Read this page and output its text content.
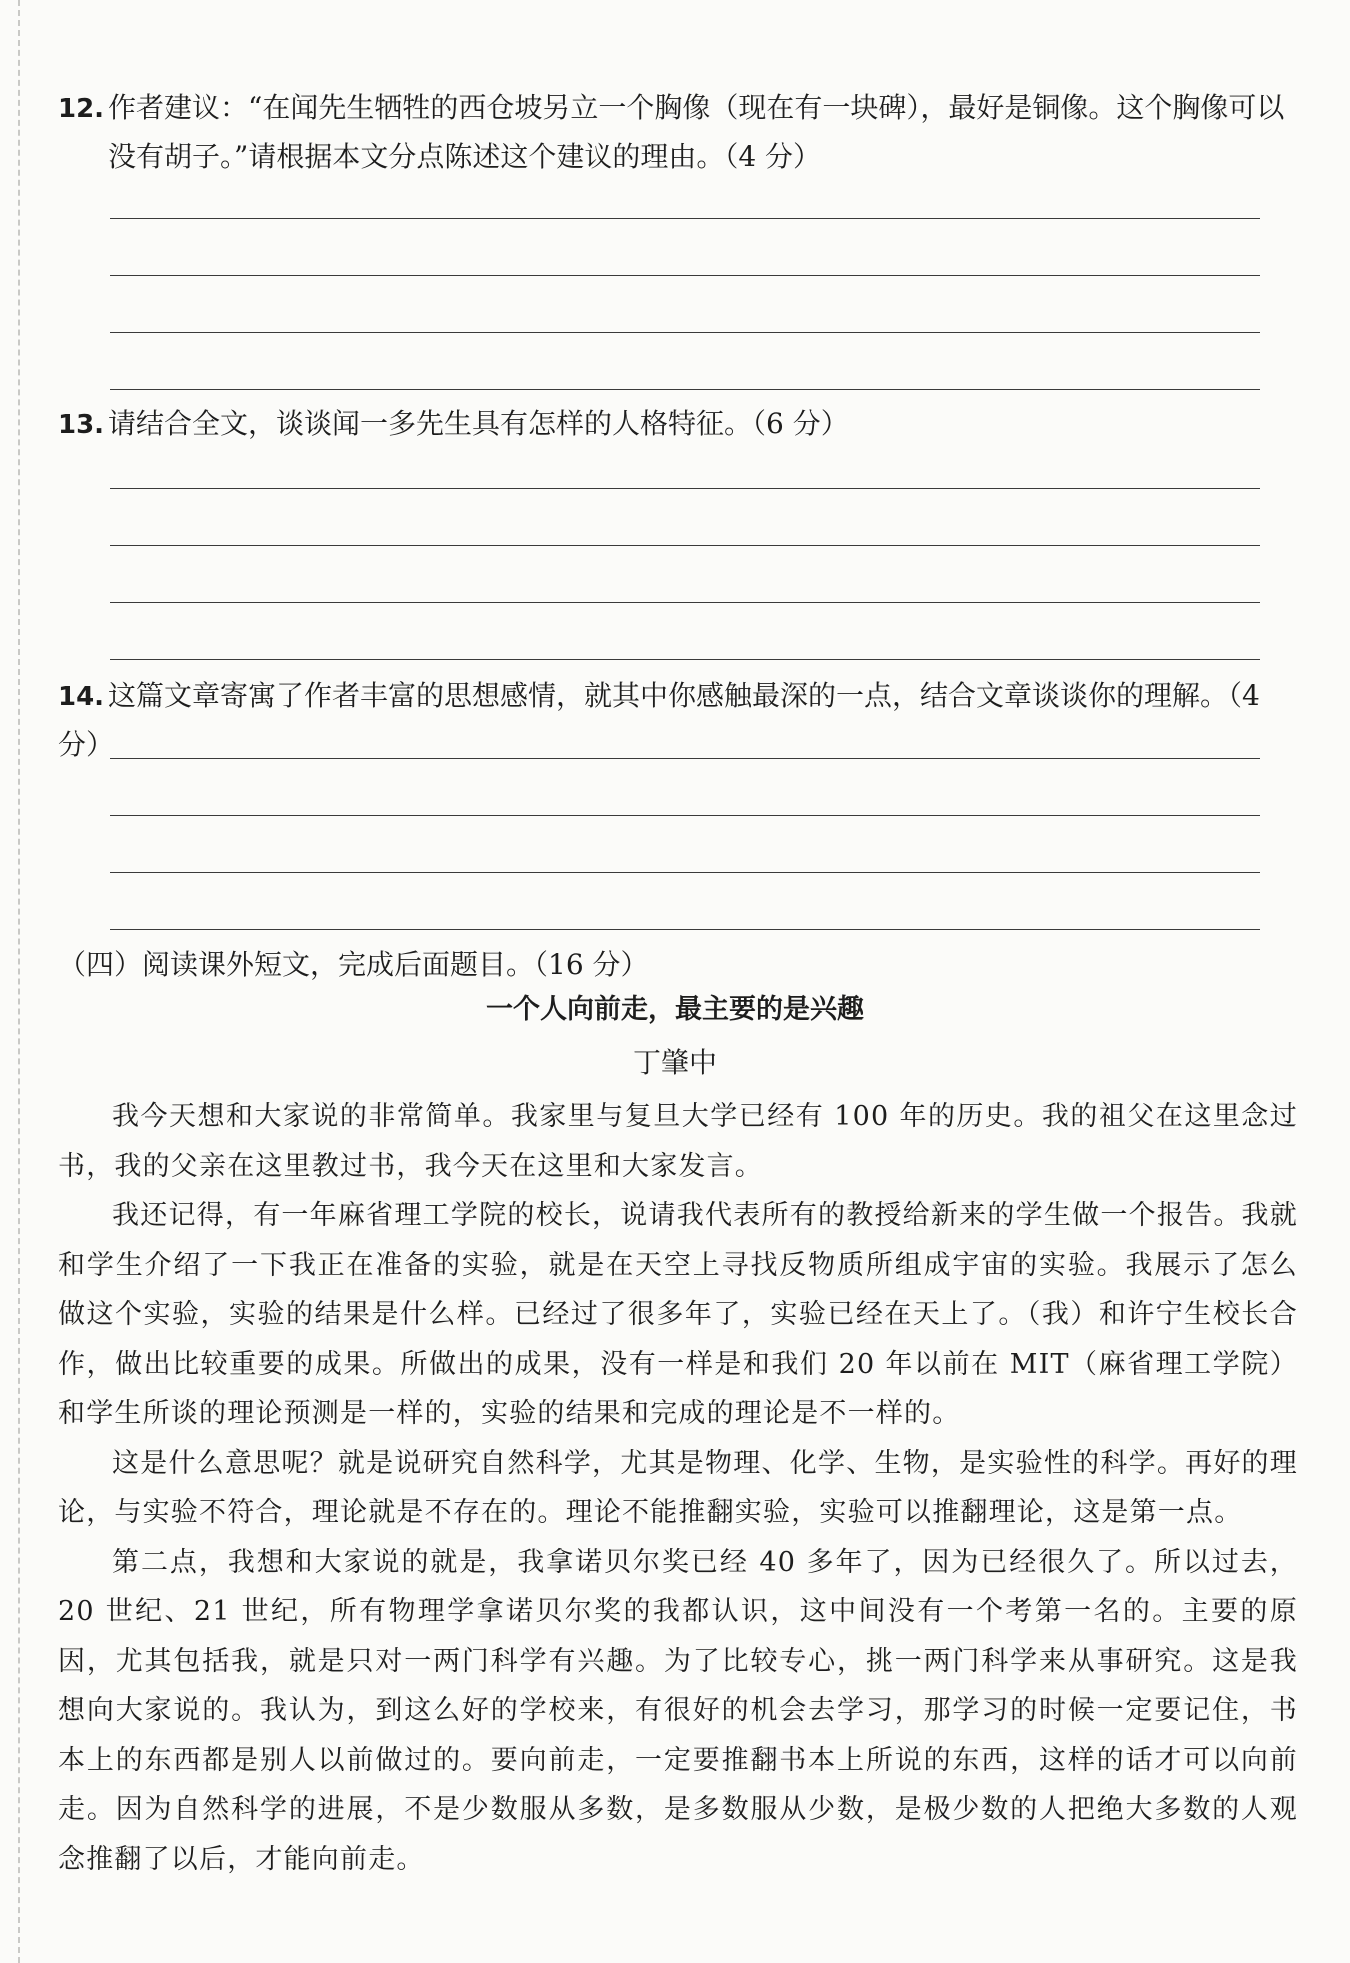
12. 作者建议：“在闻先生牺牲的西仓坡另立一个胸像（现在有一块碑），最好是铜像。这个胸像可以
没有胡子。”请根据本文分点陈述这个建议的理由。（4 分）
13. 请结合全文，谈谈闻一多先生具有怎样的人格特征。（6 分）
14. 这篇文章寄寓了作者丰富的思想感情，就其中你感触最深的一点，结合文章谈谈你的理解。（4 分）
（四）阅读课外短文，完成后面题目。（16 分）
一个人向前走，最主要的是兴趣
丁肇中

我今天想和大家说的非常简单。我家里与复旦大学已经有 100 年的历史。我的祖父在这里念过书，我的父亲在这里教过书，我今天在这里和大家发言。

我还记得，有一年麻省理工学院的校长，说请我代表所有的教授给新来的学生做一个报告。我就和学生介绍了一下我正在准备的实验，就是在天空上寻找反物质所组成宇宙的实验。我展示了怎么做这个实验，实验的结果是什么样。已经过了很多年了，实验已经在天上了。（我）和许宁生校长合作，做出比较重要的成果。所做出的成果，没有一样是和我们 20 年以前在 MIT（麻省理工学院）和学生所谈的理论预测是一样的，实验的结果和完成的理论是不一样的。

这是什么意思呢？就是说研究自然科学，尤其是物理、化学、生物，是实验性的科学。再好的理论，与实验不符合，理论就是不存在的。理论不能推翻实验，实验可以推翻理论，这是第一点。

第二点，我想和大家说的就是，我拿诺贝尔奖已经 40 多年了，因为已经很久了。所以过去，20 世纪、21 世纪，所有物理学拿诺贝尔奖的我都认识，这中间没有一个考第一名的。主要的原因，尤其包括我，就是只对一两门科学有兴趣。为了比较专心，挑一两门科学来从事研究。这是我想向大家说的。我认为，到这么好的学校来，有很好的机会去学习，那学习的时候一定要记住，书本上的东西都是别人以前做过的。要向前走，一定要推翻书本上所说的东西，这样的话才可以向前走。因为自然科学的进展，不是少数服从多数，是多数服从少数，是极少数的人把绝大多数的人观念推翻了以后，才能向前走。
